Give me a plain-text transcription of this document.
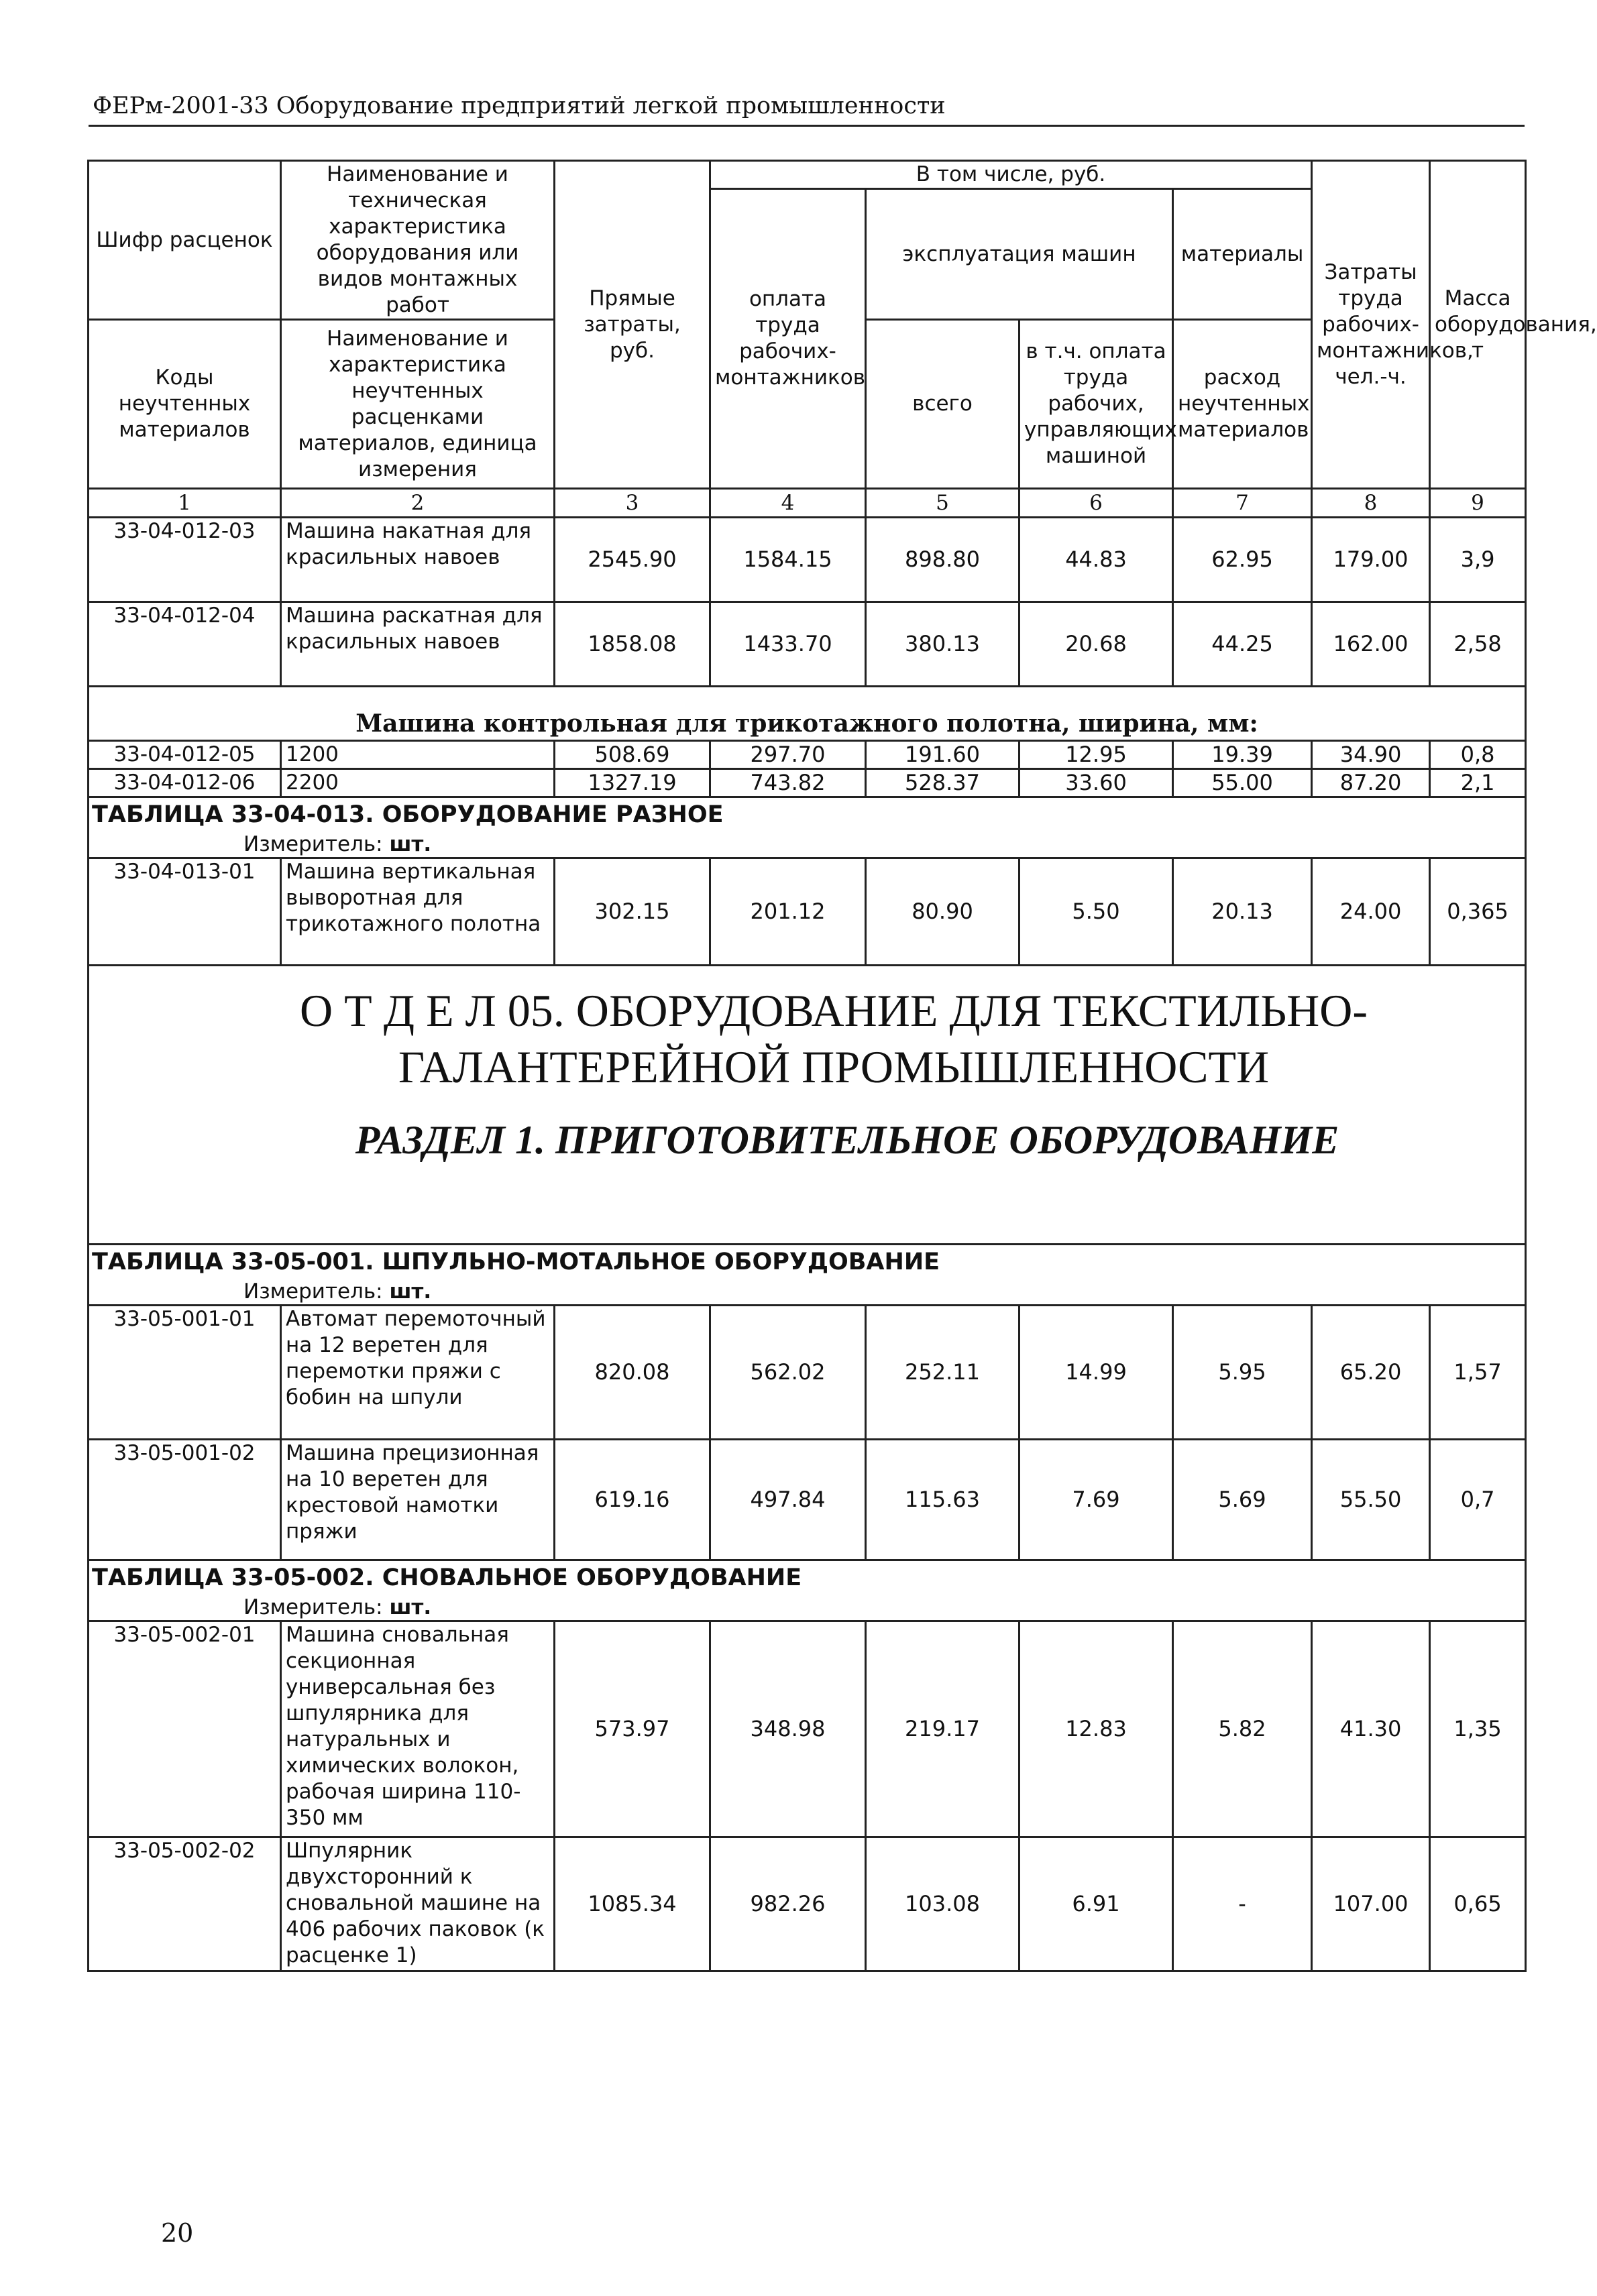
ФЕРм-2001-33 Оборудование предприятий легкой промышленности
Шифр расценок	Наименование и техническая характеристика оборудования или видов монтажных работ	Прямые затраты, руб.	В том числе, руб.				Затраты труда рабочих-монтажников, чел.-ч.	Масса оборудования, т
			оплата труда рабочих-монтажников	эксплуатация машин		материалы		
Коды неучтенных материалов	Наименование и характеристика неучтенных расценками материалов, единица измерения			всего	в т.ч. оплата труда рабочих, управляющих машиной	расход неучтенных материалов		
1	2	3	4	5	6	7	8	9
33-04-012-03	Машина накатная для красильных навоев	2545.90	1584.15	898.80	44.83	62.95	179.00	3,9
33-04-012-04	Машина раскатная для красильных навоев	1858.08	1433.70	380.13	20.68	44.25	162.00	2,58
Машина контрольная для трикотажного полотна, ширина, мм:								
33-04-012-05	1200	508.69	297.70	191.60	12.95	19.39	34.90	0,8
33-04-012-06	2200	1327.19	743.82	528.37	33.60	55.00	87.20	2,1
ТАБЛИЦА 33-04-013. ОБОРУДОВАНИЕ РАЗНОЕ								
Измеритель: шт.								
33-04-013-01	Машина вертикальная выворотная для трикотажного полотна	302.15	201.12	80.90	5.50	20.13	24.00	0,365

О Т Д Е Л 05. ОБОРУДОВАНИЕ ДЛЯ ТЕКСТИЛЬНО-ГАЛАНТЕРЕЙНОЙ ПРОМЫШЛЕННОСТИ
РАЗДЕЛ 1. ПРИГОТОВИТЕЛЬНОЕ ОБОРУДОВАНИЕ								

ТАБЛИЦА 33-05-001. ШПУЛЬНО-МОТАЛЬНОЕ ОБОРУДОВАНИЕ								
Измеритель: шт.								
33-05-001-01	Автомат перемоточный на 12 веретен для перемотки пряжи с бобин на шпули	820.08	562.02	252.11	14.99	5.95	65.20	1,57
33-05-001-02	Машина прецизионная на 10 веретен для крестовой намотки пряжи	619.16	497.84	115.63	7.69	5.69	55.50	0,7
ТАБЛИЦА 33-05-002. СНОВАЛЬНОЕ ОБОРУДОВАНИЕ								
Измеритель: шт.								
33-05-002-01	Машина сновальная секционная универсальная без шпулярника для натуральных и химических волокон, рабочая ширина 110-350 мм	573.97	348.98	219.17	12.83	5.82	41.30	1,35
33-05-002-02	Шпулярник двухсторонний к сновальной машине на 406 рабочих паковок (к расценке 1)	1085.34	982.26	103.08	6.91	-	107.00	0,65
20
